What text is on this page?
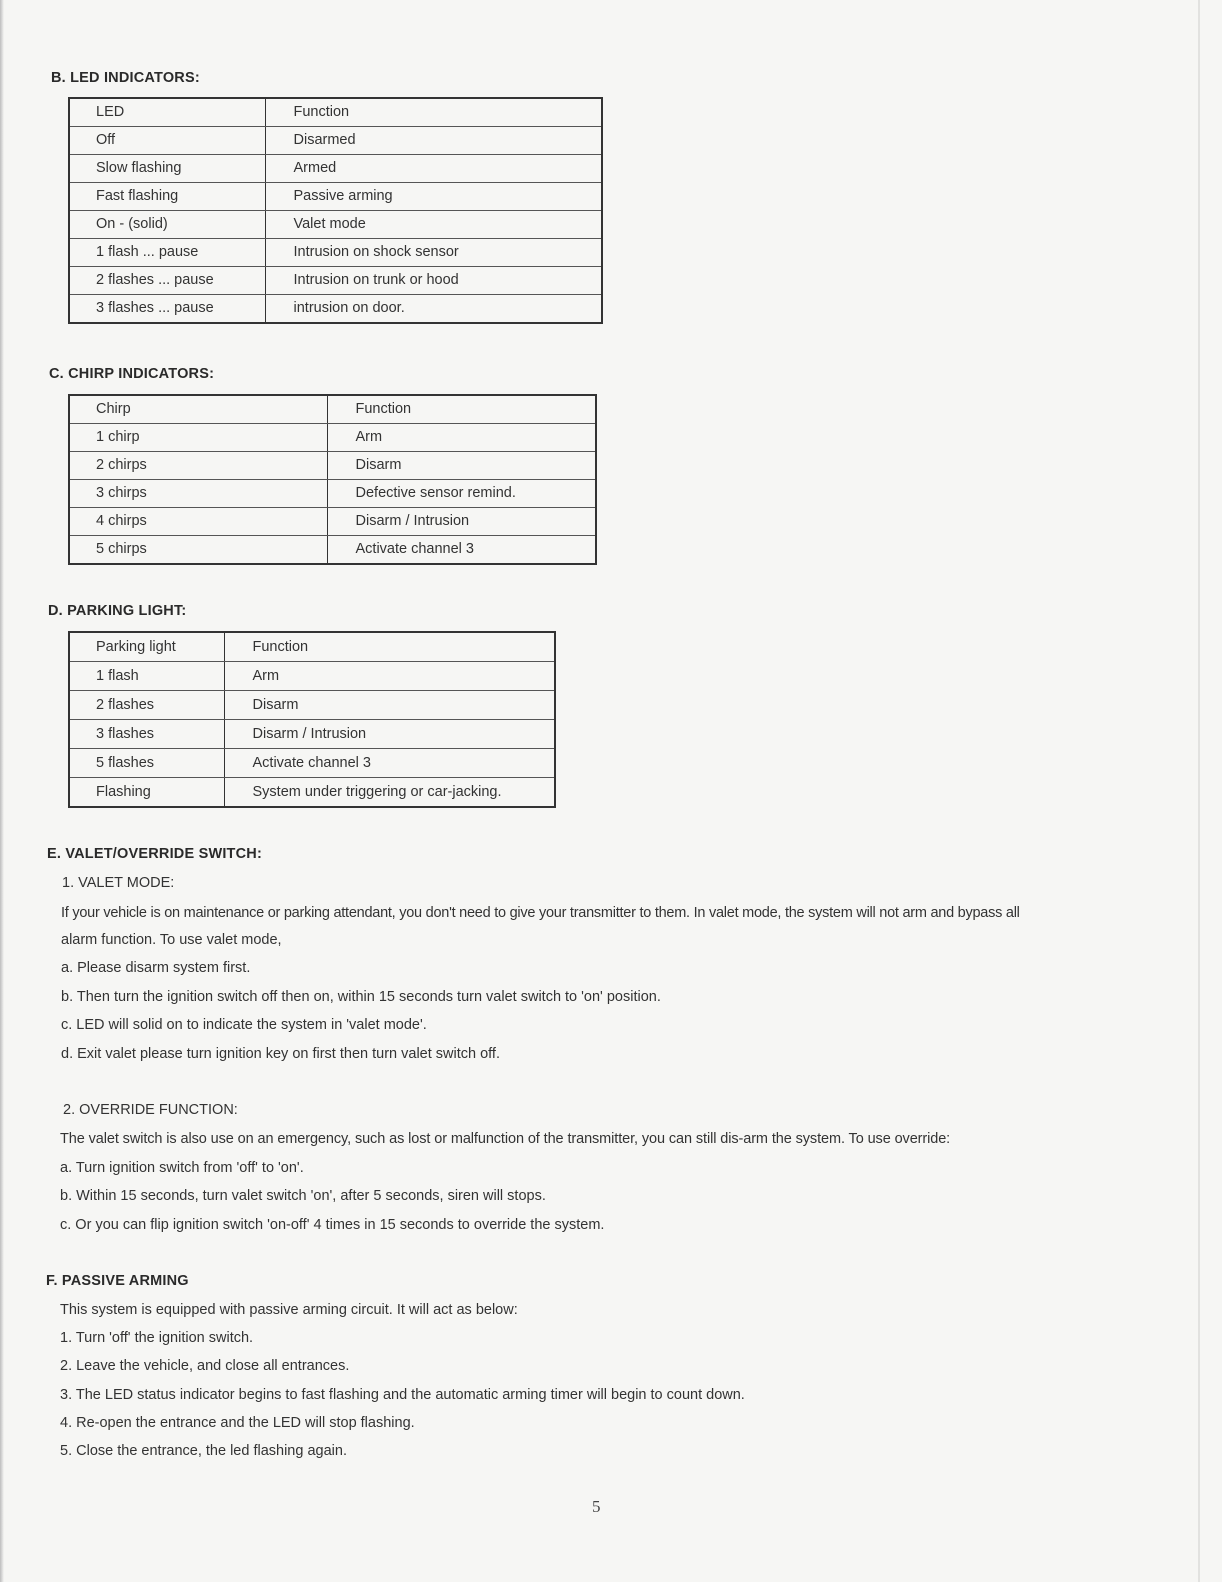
B. LED INDICATORS:
LED	Function
Off	Disarmed
Slow flashing	Armed
Fast flashing	Passive arming
On - (solid)	Valet mode
1 flash ... pause	Intrusion on shock sensor
2 flashes ... pause	Intrusion on trunk or hood
3 flashes ... pause	intrusion on door.
C. CHIRP INDICATORS:
Chirp	Function
1 chirp	Arm
2 chirps	Disarm
3 chirps	Defective sensor remind.
4 chirps	Disarm / Intrusion
5 chirps	Activate channel 3
D. PARKING LIGHT:
Parking light	Function
1 flash	Arm
2 flashes	Disarm
3 flashes	Disarm / Intrusion
5 flashes	Activate channel 3
Flashing	System under triggering or car-jacking.
E. VALET/OVERRIDE SWITCH:
1. VALET MODE:
If your vehicle is on maintenance or parking attendant, you don't need to give your transmitter to them. In valet mode, the system will not arm and bypass all
alarm function. To use valet mode,
a. Please disarm system first.
b. Then turn the ignition switch off then on, within 15 seconds turn valet switch to 'on' position.
c. LED will solid on to indicate the system in 'valet mode'.
d. Exit valet please turn ignition key on first then turn valet switch off.
2. OVERRIDE FUNCTION:
The valet switch is also use on an emergency, such as lost or malfunction of the transmitter, you can still dis-arm the system. To use override:
a. Turn ignition switch from 'off' to 'on'.
b. Within 15 seconds, turn valet switch 'on', after 5 seconds, siren will stops.
c. Or you can flip ignition switch 'on-off' 4 times in 15 seconds to override the system.
F. PASSIVE ARMING
This system is equipped with passive arming circuit. It will act as below:
1. Turn 'off' the ignition switch.
2. Leave the vehicle, and close all entrances.
3. The LED status indicator begins to fast flashing and the automatic arming timer will begin to count down.
4. Re-open the entrance and the LED will stop flashing.
5. Close the entrance, the led flashing again.
5
